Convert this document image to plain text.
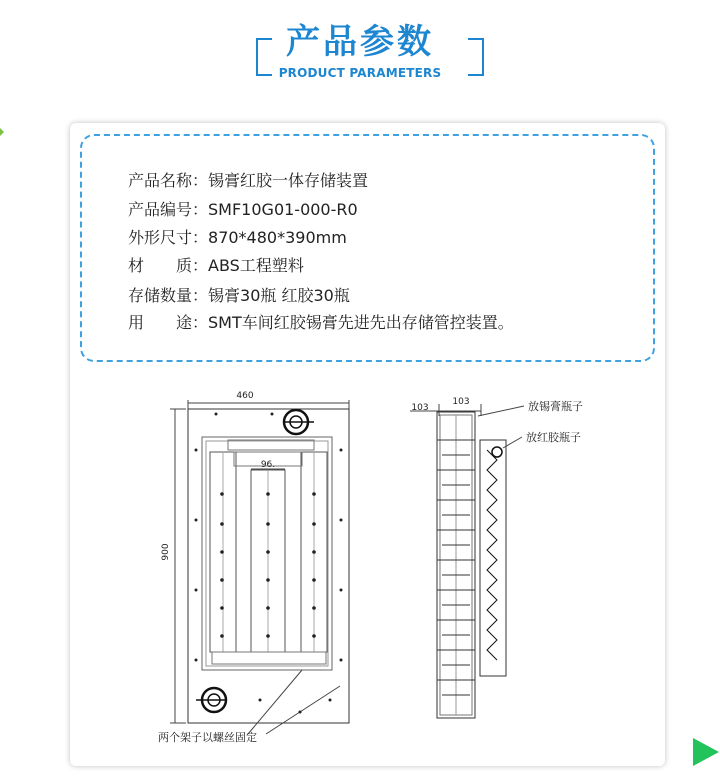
产品参数
PRODUCT PARAMETERS
产品名称：锡膏红胶一体存储装置
产品编号：SMF10G01-000-R0
外形尺寸：870*480*390mm
材　　质：ABS工程塑料
存储数量：锡膏30瓶 红胶30瓶
用　　途：SMT车间红胶锡膏先进先出存储管控装置。
460
900
96.
103
103	放锡膏瓶子
放红胶瓶子
两个架子以螺丝固定
